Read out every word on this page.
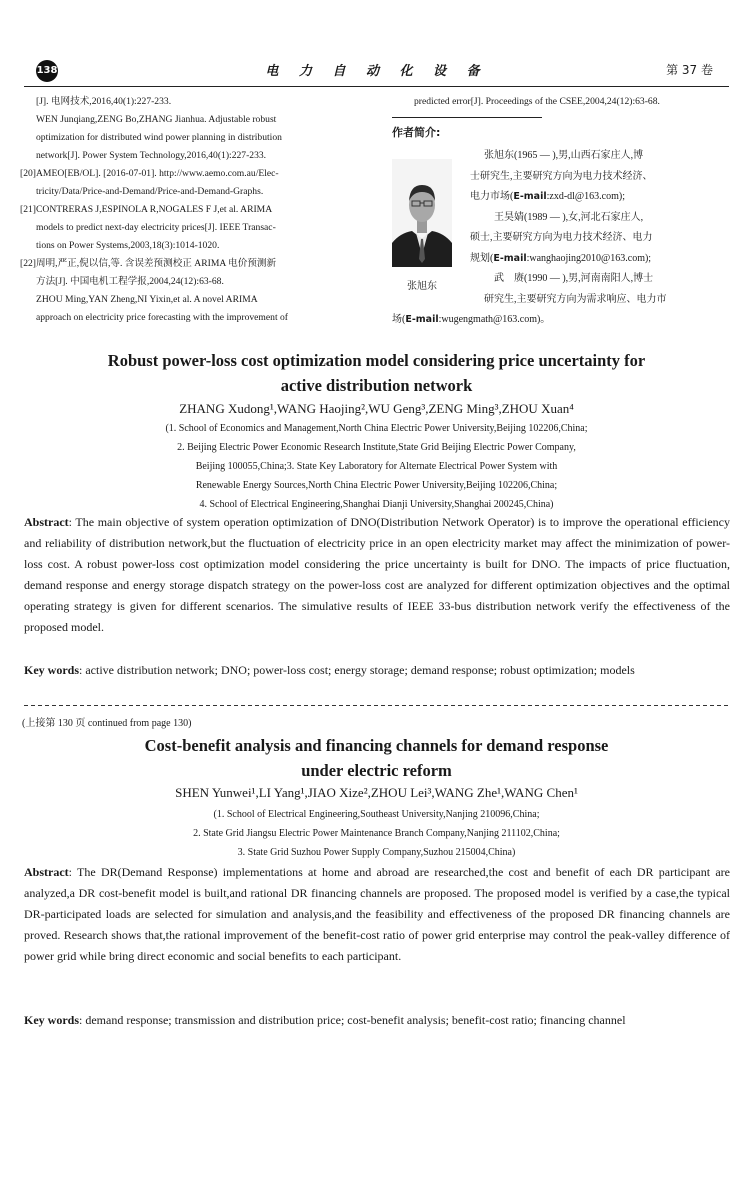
138	电 力 自 动 化 设 备	第 37 卷
[J]. 电网技术,2016,40(1):227-233.
WEN Junqiang,ZENG Bo,ZHANG Jianhua. Adjustable robust
optimization for distributed wind power planning in distribution
network[J]. Power System Technology,2016,40(1):227-233.
[20] AMEO[EB/OL]. [2016-07-01]. http://www.aemo.com.au/Elec-
tricity/Data/Price-and-Demand/Price-and-Demand-Graphs.
[21] CONTRERAS J,ESPINOLA R,NOGALES F J,et al. ARIMA
models to predict next-day electricity prices[J]. IEEE Transac-
tions on Power Systems,2003,18(3):1014-1020.
[22] 周明,严正,倪以信,等. 含误差预测校正 ARIMA 电价预测新
方法[J]. 中国电机工程学报,2004,24(12):63-68.
ZHOU Ming,YAN Zheng,NI Yixin,et al. A novel ARIMA
approach on electricity price forecasting with the improvement of
predicted error[J]. Proceedings of the CSEE,2004,24(12):63-68.
作者简介:
张旭东
张旭东(1965 — ),男,山西石家庄人,博
士研究生,主要研究方向为电力技术经济、
电力市场(E-mail:zxd-dl@163.com);
王昊婧(1989 — ),女,河北石家庄人,
硕士,主要研究方向为电力技术经济、电力
规划(E-mail:wanghaojing2010@163.com);
武　赓(1990 — ),男,河南南阳人,博士
研究生,主要研究方向为需求响应、电力市
场(E-mail:wugengmath@163.com)。
Robust power-loss cost optimization model considering price uncertainty for
active distribution network
ZHANG Xudong¹,WANG Haojing²,WU Geng³,ZENG Ming³,ZHOU Xuan⁴
(1. School of Economics and Management,North China Electric Power University,Beijing 102206,China;
2. Beijing Electric Power Economic Research Institute,State Grid Beijing Electric Power Company,
Beijing 100055,China;3. State Key Laboratory for Alternate Electrical Power System with
Renewable Energy Sources,North China Electric Power University,Beijing 102206,China;
4. School of Electrical Engineering,Shanghai Dianji University,Shanghai 200245,China)
Abstract: The main objective of system operation optimization of DNO(Distribution Network Operator) is to improve the operational efficiency and reliability of distribution network,but the fluctuation of electricity price in an open electricity market may affect the minimization of power-loss cost. A robust power-loss cost optimization model considering the price uncertainty is built for DNO. The impacts of price fluctuation, demand response and energy storage dispatch strategy on the power-loss cost are analyzed for different optimization objectives and the optimal operating strategy is given for different scenarios. The simulative results of IEEE 33-bus distribution network verify the effectiveness of the proposed model.
Key words: active distribution network; DNO; power-loss cost; energy storage; demand response; robust optimization; models
(上接第 130 页 continued from page 130)
Cost-benefit analysis and financing channels for demand response
under electric reform
SHEN Yunwei¹,LI Yang¹,JIAO Xize²,ZHOU Lei³,WANG Zhe¹,WANG Chen¹
(1. School of Electrical Engineering,Southeast University,Nanjing 210096,China;
2. State Grid Jiangsu Electric Power Maintenance Branch Company,Nanjing 211102,China;
3. State Grid Suzhou Power Supply Company,Suzhou 215004,China)
Abstract: The DR(Demand Response) implementations at home and abroad are researched,the cost and benefit of each DR participant are analyzed,a DR cost-benefit model is built,and rational DR financing channels are proposed. The proposed model is verified by a case,the typical DR-participated loads are selected for simulation and analysis,and the feasibility and effectiveness of the proposed DR financing channels are proved. Research shows that,the rational improvement of the benefit-cost ratio of power grid enterprise may control the peak-valley difference of power grid while bring direct economic and social benefits to each participant.
Key words: demand response; transmission and distribution price; cost-benefit analysis; benefit-cost ratio; financing channel
